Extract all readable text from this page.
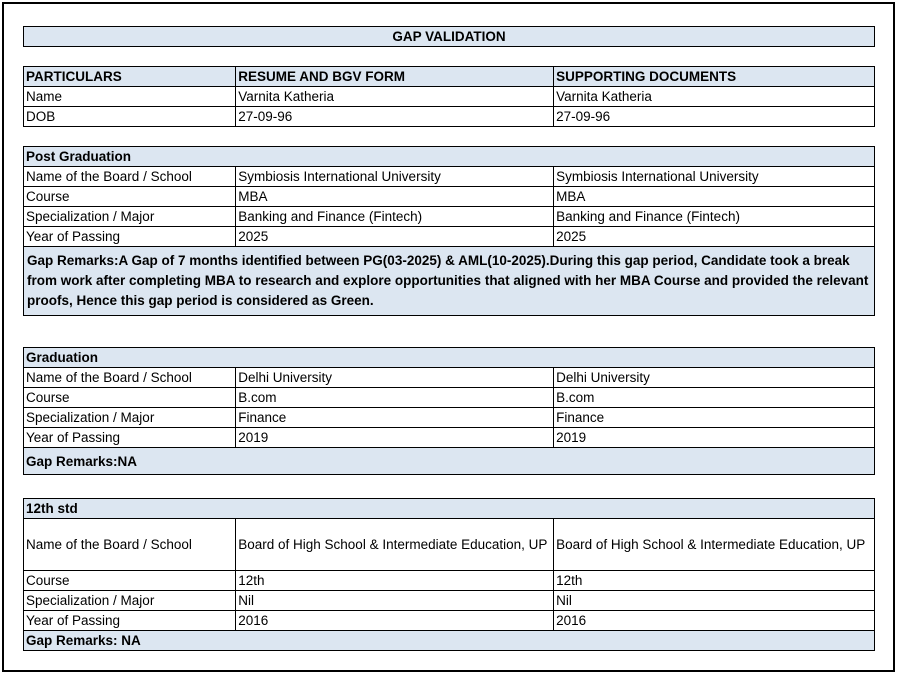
GAP VALIDATION
PARTICULARS	RESUME AND BGV FORM	SUPPORTING DOCUMENTS
Name	Varnita Katheria	Varnita Katheria
DOB	27-09-96	27-09-96
Post Graduation		
Name of the Board / School	Symbiosis International University	Symbiosis International University
Course	MBA	MBA
Specialization / Major	Banking and Finance (Fintech)	Banking and Finance (Fintech)
Year of Passing	2025	2025
Gap Remarks:A Gap of 7 months identified between PG(03-2025) & AML(10-2025).During this gap period, Candidate took a break from work after completing MBA to research and explore opportunities that aligned with her MBA Course and provided the relevant proofs, Hence this gap period is considered as Green.		
Graduation		
Name of the Board / School	Delhi University	Delhi University
Course	B.com	B.com
Specialization / Major	Finance	Finance
Year of Passing	2019	2019
Gap Remarks:NA		
12th std		
Name of the Board / School	Board of High School & Intermediate Education, UP	Board of High School & Intermediate Education, UP
Course	12th	12th
Specialization / Major	Nil	Nil
Year of Passing	2016	2016
Gap Remarks: NA		
